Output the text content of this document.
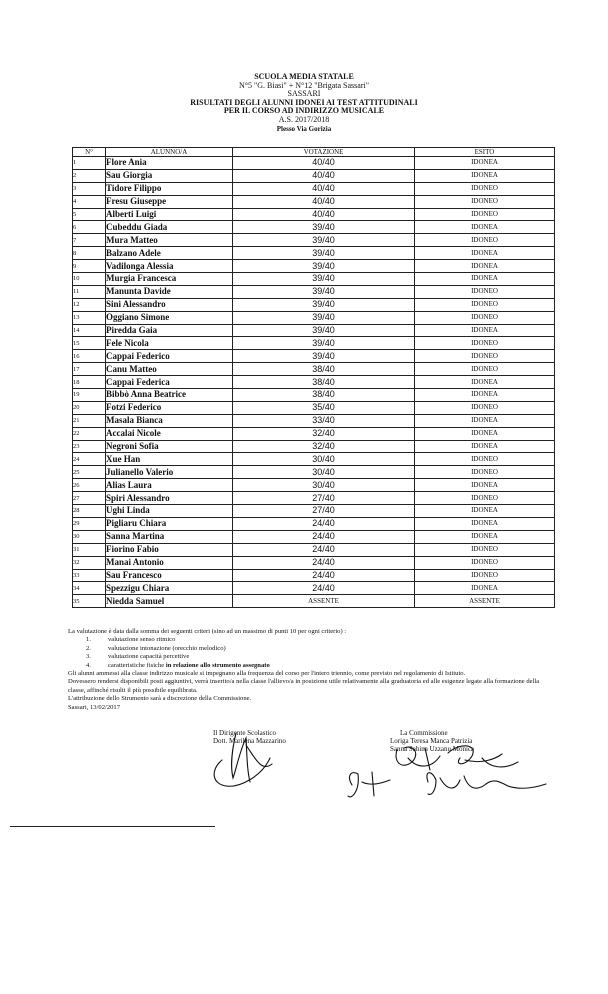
SCUOLA MEDIA STATALE
N°5 "G. Biasi" + N°12 "Brigata Sassari"
SASSARI
RISULTATI DEGLI ALUNNI IDONEI AI TEST ATTITUDINALI
PER IL CORSO AD INDIRIZZO MUSICALE
A.S. 2017/2018
Plesso Via Gorizia
N°	ALUNNO/A	VOTAZIONE	ESITO
1	Flore Ania	40/40	IDONEA
2	Sau Giorgia	40/40	IDONEA
3	Tidore Filippo	40/40	IDONEO
4	Fresu Giuseppe	40/40	IDONEO
5	Alberti Luigi	40/40	IDONEO
6	Cubeddu Giada	39/40	IDONEA
7	Mura Matteo	39/40	IDONEO
8	Balzano Adele	39/40	IDONEA
9	Vadilonga Alessia	39/40	IDONEA
10	Murgia Francesca	39/40	IDONEA
11	Manunta Davide	39/40	IDONEO
12	Sini Alessandro	39/40	IDONEO
13	Oggiano Simone	39/40	IDONEO
14	Piredda Gaia	39/40	IDONEA
15	Fele Nicola	39/40	IDONEO
16	Cappai Federico	39/40	IDONEO
17	Canu Matteo	38/40	IDONEO
18	Cappai Federica	38/40	IDONEA
19	Bibbò Anna Beatrice	38/40	IDONEA
20	Fotzi Federico	35/40	IDONEO
21	Masala Bianca	33/40	IDONEA
22	Accalai Nicole	32/40	IDONEA
23	Negroni Sofia	32/40	IDONEA
24	Xue Han	30/40	IDONEO
25	Julianello Valerio	30/40	IDONEO
26	Alias Laura	30/40	IDONEA
27	Spiri Alessandro	27/40	IDONEO
28	Ughi Linda	27/40	IDONEA
29	Pigliaru Chiara	24/40	IDONEA
30	Sanna Martina	24/40	IDONEA
31	Fiorino Fabio	24/40	IDONEO
32	Manai Antonio	24/40	IDONEO
33	Sau Francesco	24/40	IDONEO
34	Spezzigu Chiara	24/40	IDONEA
35	Niedda Samuel	ASSENTE	ASSENTE
La valutazione è data dalla somma dei seguenti criteri (sino ad un massimo di punti 10 per ogni criterio) :
1.	valutazione senso ritmico
2.	valutazione intonazione (orecchio melodico)
3.	valutazione capacità percettive
4.	caratteristiche fisiche in relazione allo strumento assegnato
Gli alunni ammessi alla classe indirizzo musicale si impegnano alla frequenza del corso per l'intero triennio, come previsto nel regolamento di Istituto.
Dovessero rendersi disponibili posti aggiuntivi, verrà inserito/a nella classe l'allievo/a in posizione utile relativamente alla graduatoria ed alle esigenze legate alla formazione della classe, affinché risulti il più possibile equilibrata.
L'attribuzione dello Strumento sarà a discrezione della Commissione.
Sassari, 13/02/2017
Il Dirigente Scolastico
Dott. Marilena Mazzarino
La Commissione
Loriga Teresa Manca Patrizia
Sanna Sabina Uzzanu Monica
